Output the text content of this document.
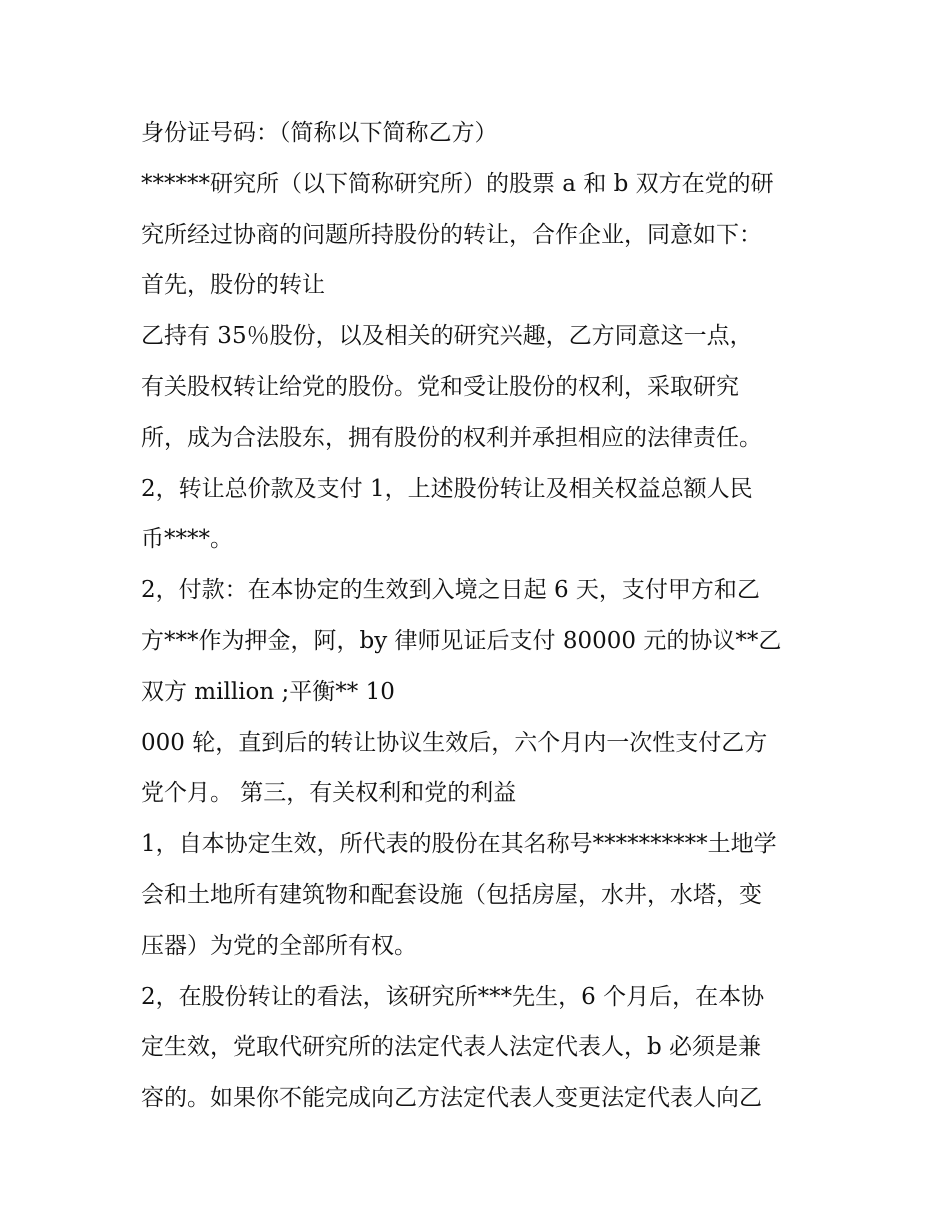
身份证号码：（简称以下简称乙方）
******研究所（以下简称研究所）的股票 a 和 b 双方在党的研
究所经过协商的问题所持股份的转让，合作企业，同意如下：
首先，股份的转让
乙持有 35％股份，以及相关的研究兴趣，乙方同意这一点，
有关股权转让给党的股份。党和受让股份的权利，采取研究
所，成为合法股东，拥有股份的权利并承担相应的法律责任。
2，转让总价款及支付 1，上述股份转让及相关权益总额人民
币****。
2，付款：在本协定的生效到入境之日起 6 天，支付甲方和乙
方***作为押金，阿，by 律师见证后支付 80000 元的协议**乙
双方 million ;平衡** 10
000 轮，直到后的转让协议生效后，六个月内一次性支付乙方
党个月。 第三，有关权利和党的利益
1，自本协定生效，所代表的股份在其名称号**********土地学
会和土地所有建筑物和配套设施（包括房屋，水井，水塔，变
压器）为党的全部所有权。
2，在股份转让的看法，该研究所***先生，6 个月后，在本协
定生效，党取代研究所的法定代表人法定代表人，b 必须是兼
容的。如果你不能完成向乙方法定代表人变更法定代表人向乙
